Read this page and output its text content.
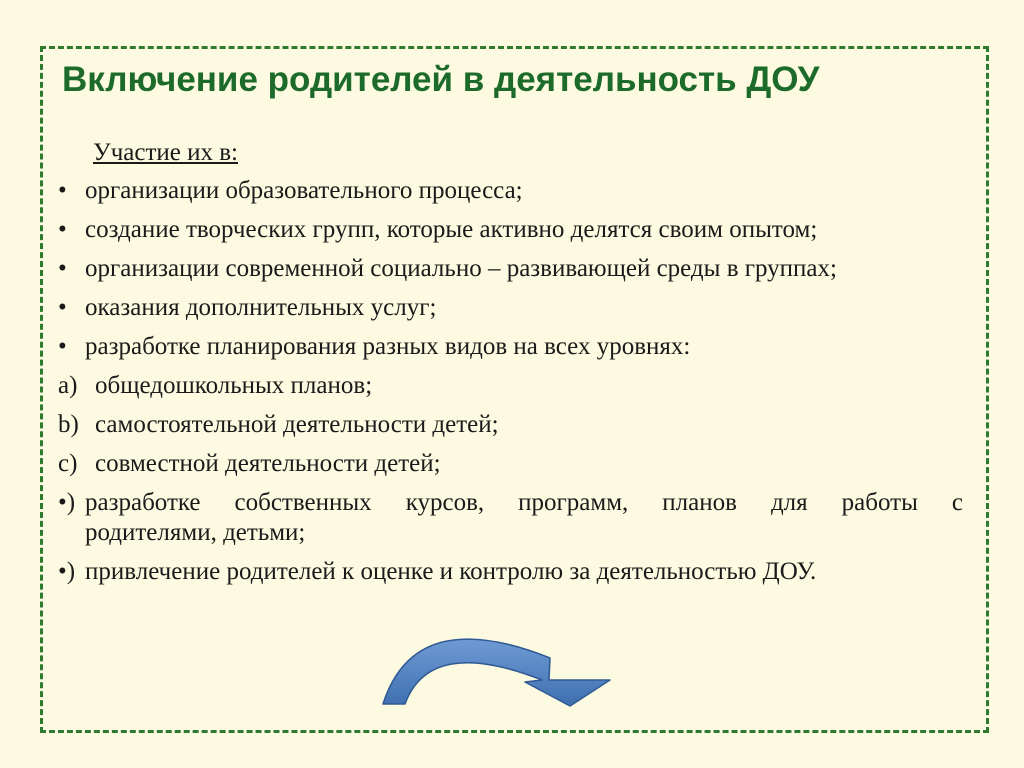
Включение родителей в деятельность ДОУ
Участие их в:
• организации образовательного процесса;
• создание творческих групп, которые активно делятся своим опытом;
• организации современной социально – развивающей среды в группах;
• оказания дополнительных услуг;
• разработке планирования разных видов на всех уровнях:
a) общедошкольных планов;
b) самостоятельной деятельности детей;
c) совместной деятельности детей;
•) разработке собственных курсов, программ, планов для работы с
родителями, детьми;
•) привлечение родителей к оценке и контролю за деятельностью ДОУ.
